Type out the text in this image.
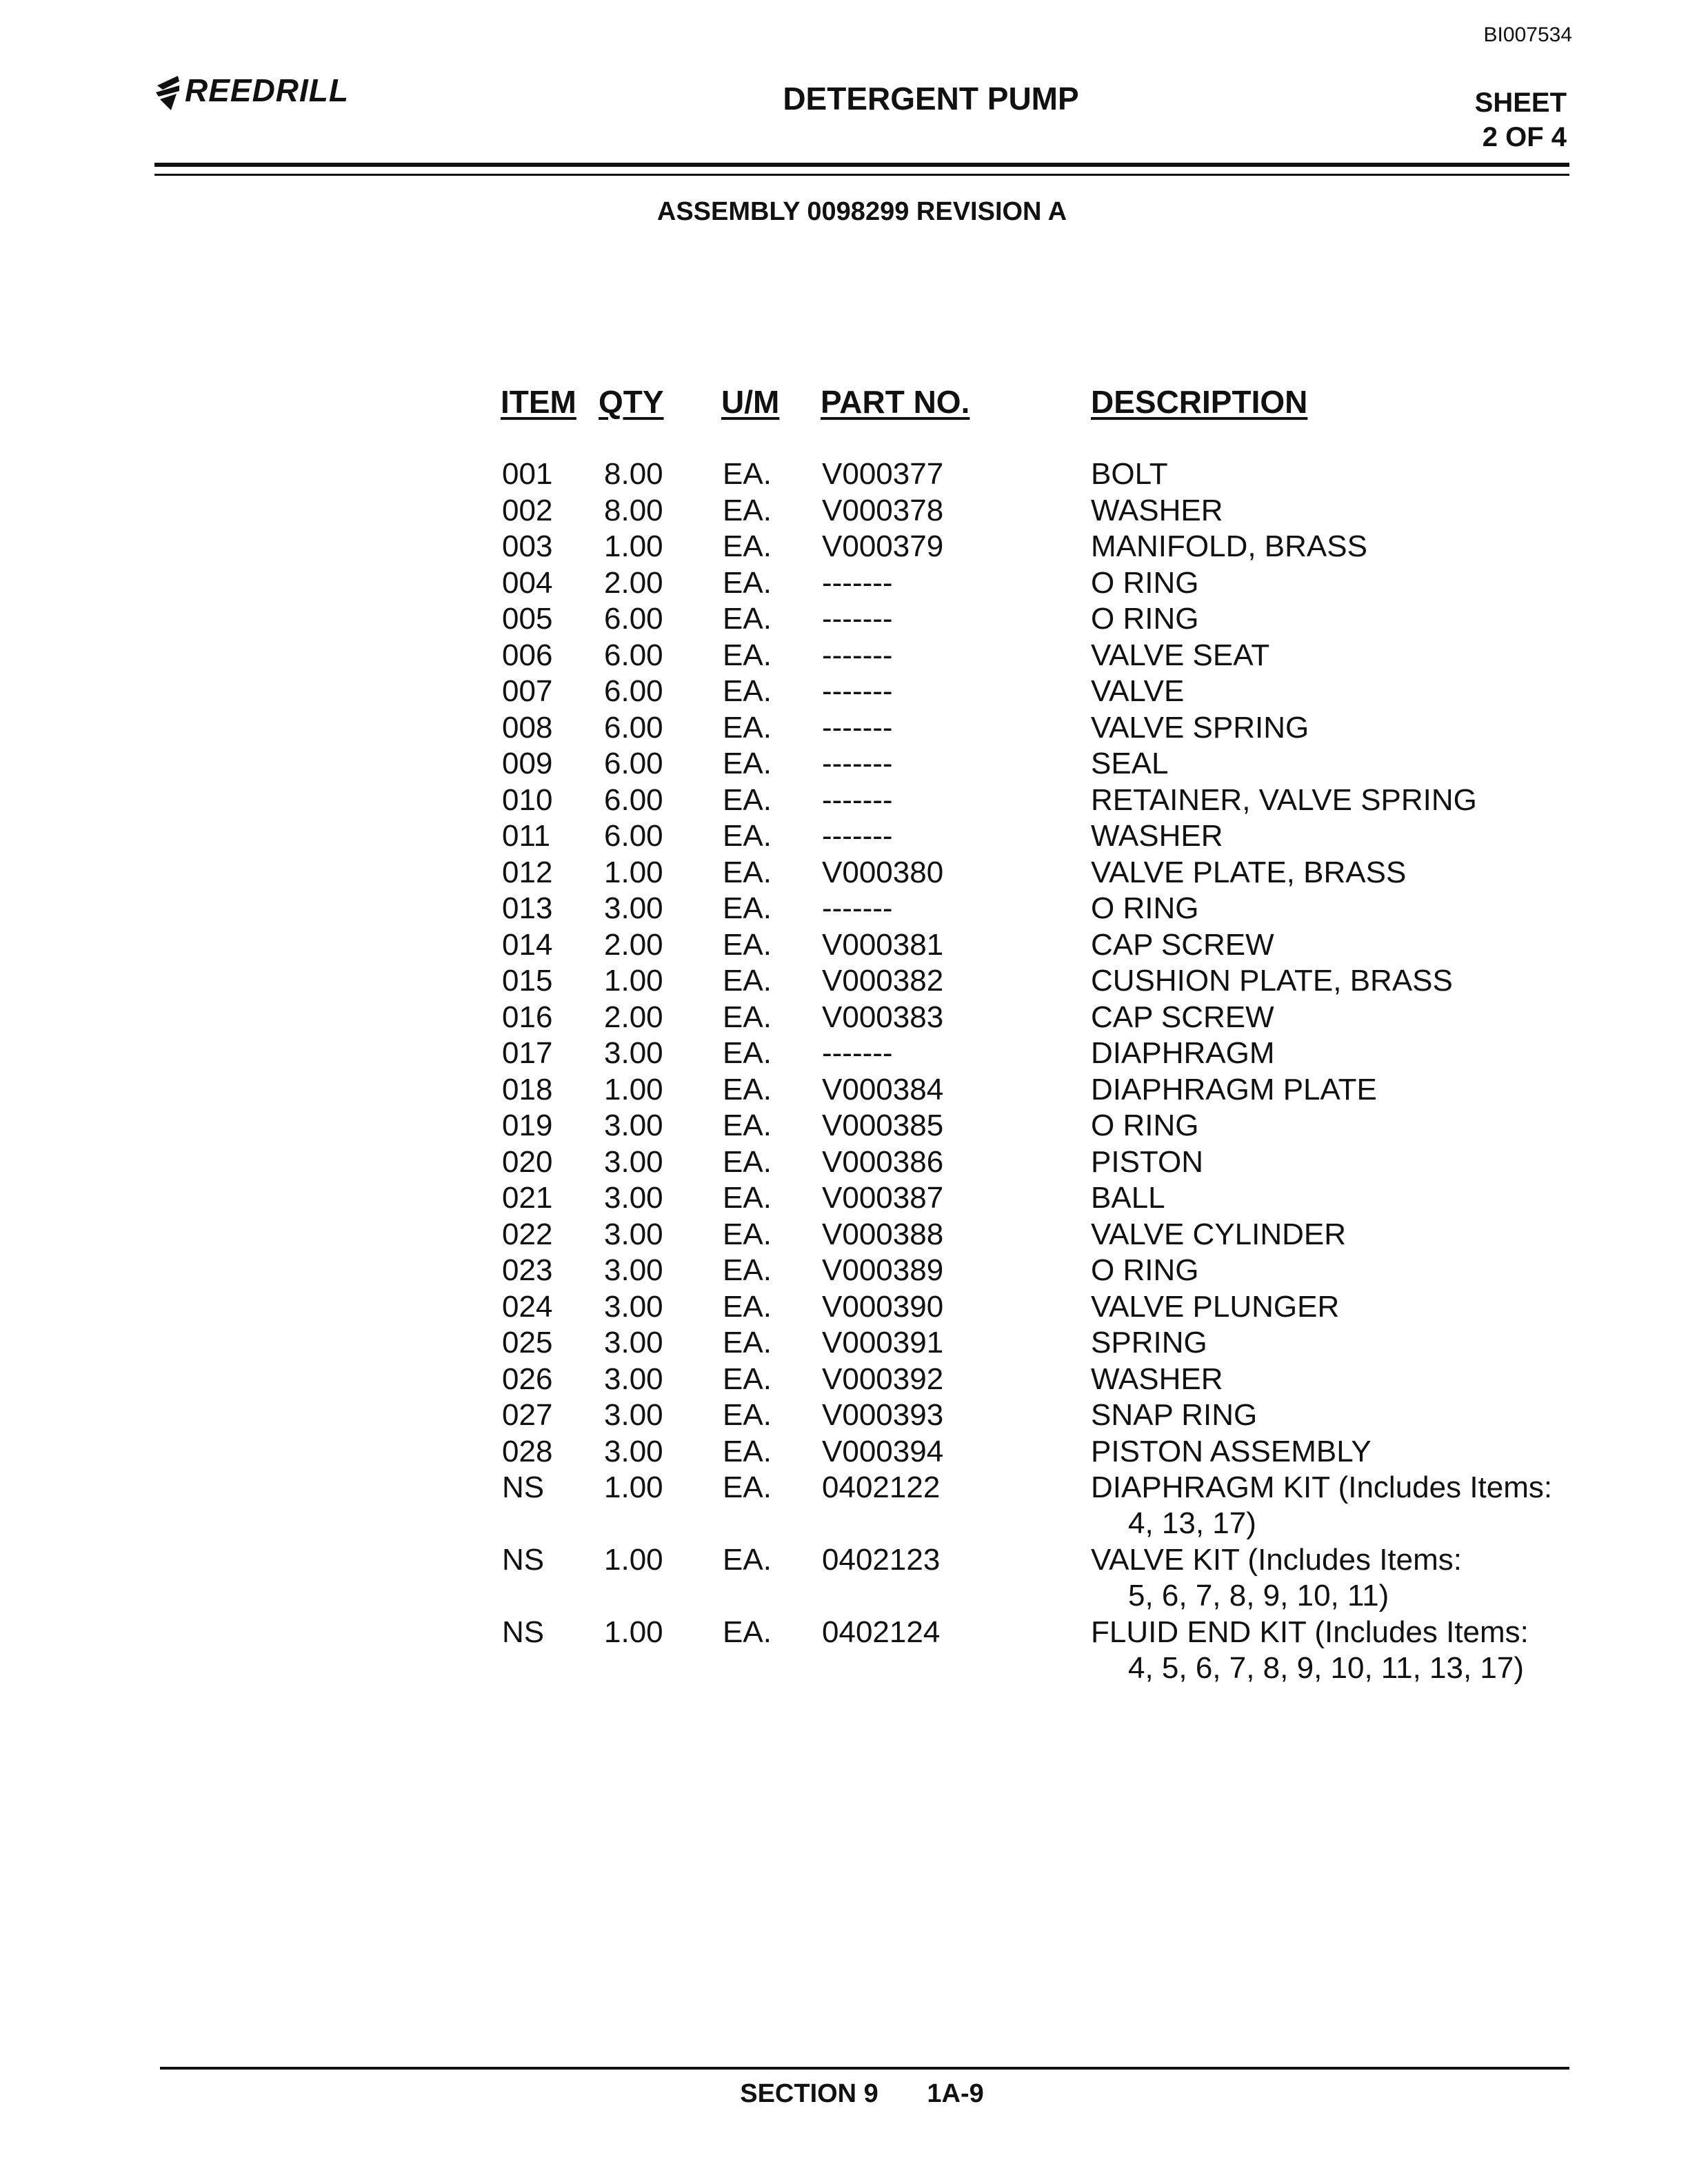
BI007534
REEDRILL	DETERGENT PUMP	SHEET
2 OF 4
ASSEMBLY 0098299 REVISION A
ITEM QTY U/M PART NO.	DESCRIPTION
001 8.00 EA. V000377	BOLT
002 8.00 EA. V000378	WASHER
003 1.00 EA. V000379	MANIFOLD, BRASS
004 2.00 EA. -------	O RING
005 6.00 EA. -------	O RING
006 6.00 EA. -------	VALVE SEAT
007 6.00 EA. -------	VALVE
008 6.00 EA. -------	VALVE SPRING
009 6.00 EA. -------	SEAL
010 6.00 EA. -------	RETAINER, VALVE SPRING
011 6.00 EA. -------	WASHER
012 1.00 EA. V000380	VALVE PLATE, BRASS
013 3.00 EA. -------	O RING
014 2.00 EA. V000381	CAP SCREW
015 1.00 EA. V000382	CUSHION PLATE, BRASS
016 2.00 EA. V000383	CAP SCREW
017 3.00 EA. -------	DIAPHRAGM
018 1.00 EA. V000384	DIAPHRAGM PLATE
019 3.00 EA. V000385	O RING
020 3.00 EA. V000386	PISTON
021 3.00 EA. V000387	BALL
022 3.00 EA. V000388	VALVE CYLINDER
023 3.00 EA. V000389	O RING
024 3.00 EA. V000390	VALVE PLUNGER
025 3.00 EA. V000391	SPRING
026 3.00 EA. V000392	WASHER
027 3.00 EA. V000393	SNAP RING
028 3.00 EA. V000394	PISTON ASSEMBLY
NS 1.00 EA. 0402122	DIAPHRAGM KIT (Includes Items:
4, 13, 17)
NS 1.00 EA. 0402123	VALVE KIT (Includes Items:
5, 6, 7, 8, 9, 10, 11)
NS 1.00 EA. 0402124	FLUID END KIT (Includes Items:
4, 5, 6, 7, 8, 9, 10, 11, 13, 17)
SECTION 9 1A-9
